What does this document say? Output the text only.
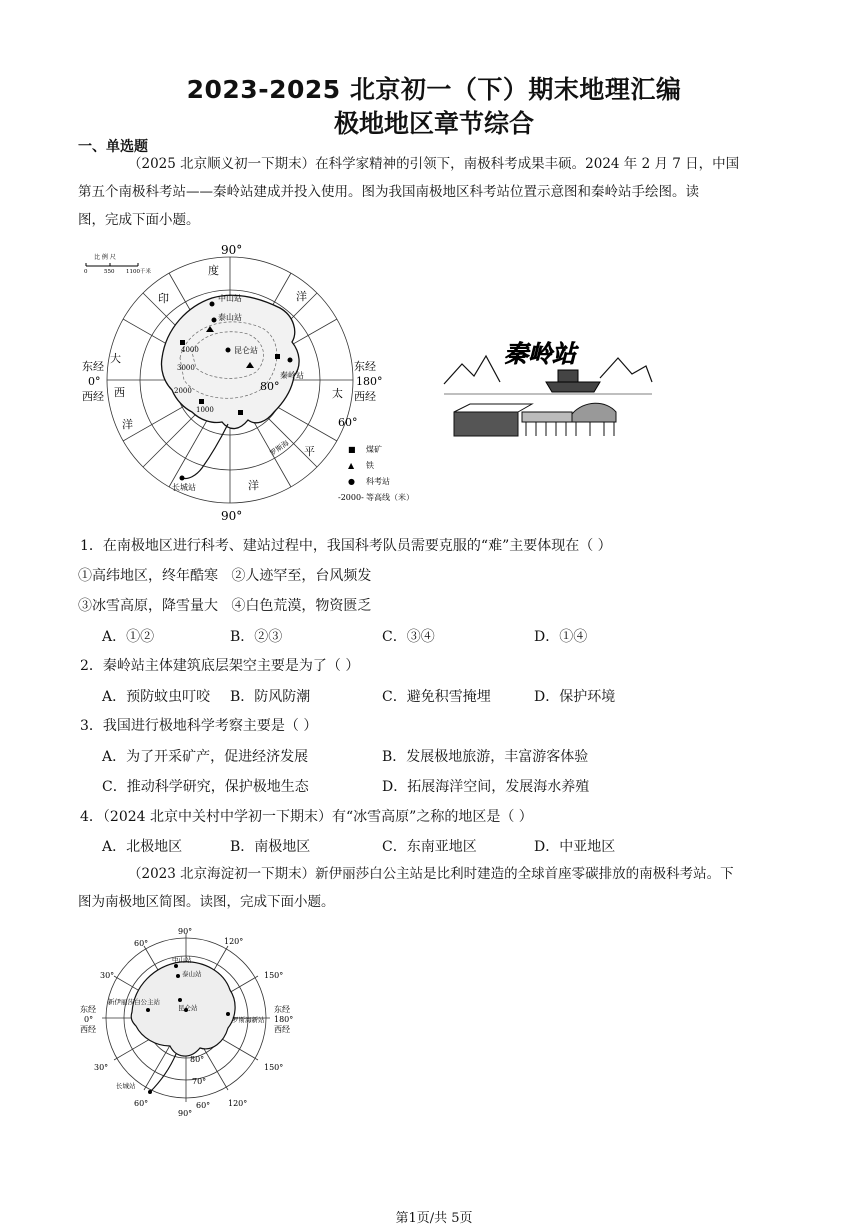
2023-2025 北京初一（下）期末地理汇编
极地地区章节综合
一、单选题
（2025 北京顺义初一下期末）在科学家精神的引领下，南极科考成果丰硕。2024 年 2 月 7 日，中国
第五个南极科考站——秦岭站建成并投入使用。图为我国南极地区科考站位置示意图和秦岭站手绘图。读
图，完成下面小题。
比 例 尺
0	550 1100千米
4000
3000
2000
1000
90°
90°
东经
0°
西经
东经
180°
西经
60°
80°
印
度
洋
大
西
洋
太
平
洋
中山站
泰山站
昆仑站
秦岭站
长城站
罗斯海	■ 煤矿
▲ 铁
● 科考站
-2000- 等高线（米）
秦岭站
1．在南极地区进行科考、建站过程中，我国科考队员需要克服的“难”主要体现在（ ）
①高纬地区，终年酷寒 ②人迹罕至，台风频发
③冰雪高原，降雪量大 ④白色荒漠，物资匮乏
A．①②	B．②③	C．③④	D．①④
2．秦岭站主体建筑底层架空主要是为了（ ）
A．预防蚊虫叮咬 B．防风防潮	C．避免积雪掩埋	D．保护环境
3．我国进行极地科学考察主要是（ ）
A．为了开采矿产，促进经济发展	B．发展极地旅游，丰富游客体验
C．推动科学研究，保护极地生态	D．拓展海洋空间，发展海水养殖
4．（2024 北京中关村中学初一下期末）有“冰雪高原”之称的地区是（ ）
A．北极地区	B．南极地区	C．东南亚地区	D．中亚地区
（2023 北京海淀初一下期末）新伊丽莎白公主站是比利时建造的全球首座零碳排放的南极科考站。下
图为南极地区简图。读图，完成下面小题。
90°
60°	120°
30°	150°
30°	150°
60°	120°
90°
60°
70°
80°
东经
0°
西经
东经
180°
西经
中山站
泰山站
新伊丽莎白公主站
昆仑站
罗斯海新站
长城站
第1页/共 5页
